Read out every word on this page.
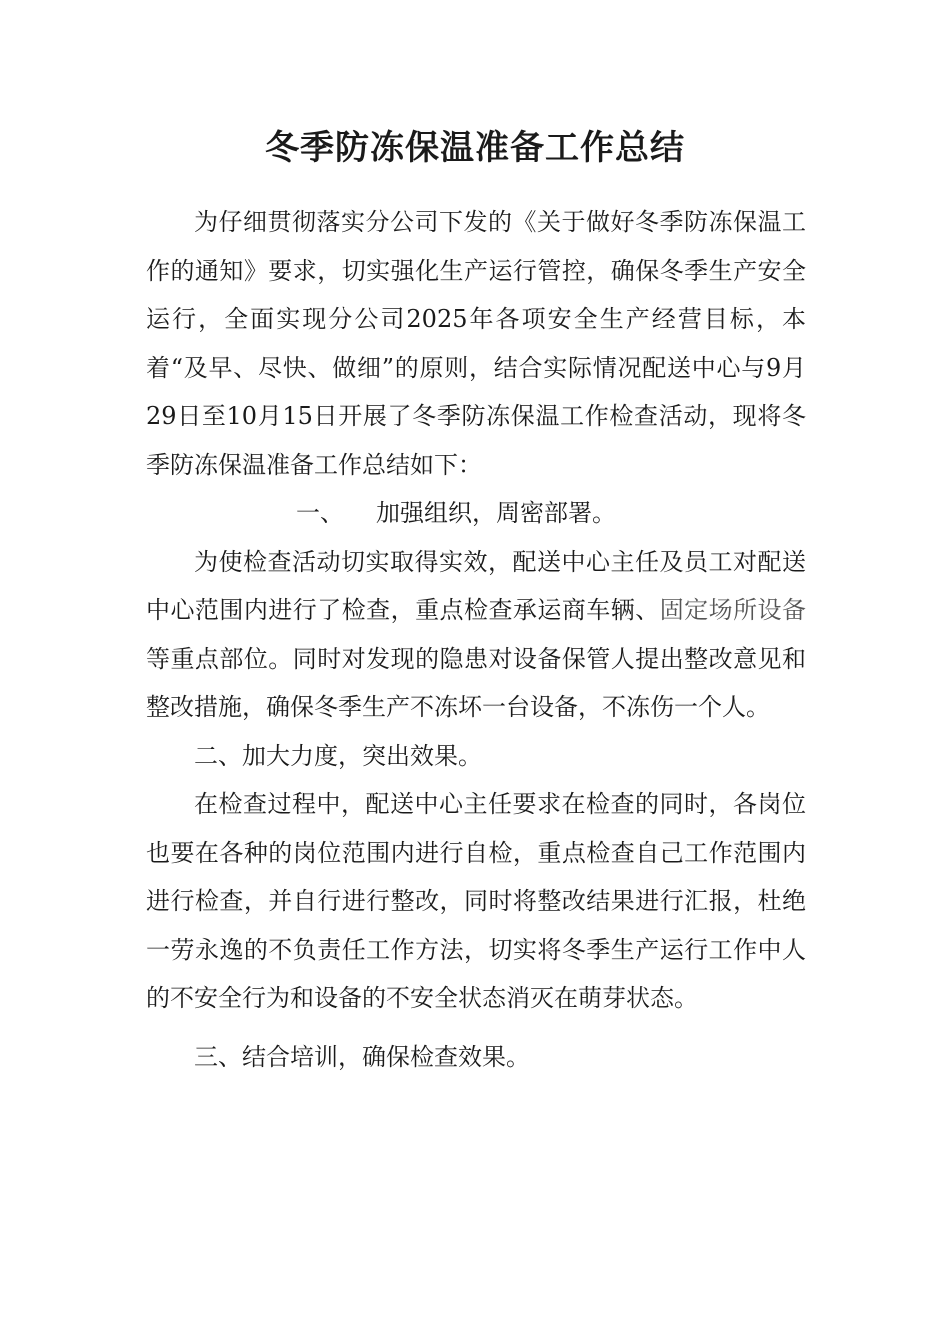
冬季防冻保温准备工作总结

为仔细贯彻落实分公司下发的《关于做好冬季防冻保温工作的通知》要求，切实强化生产运行管控，确保冬季生产安全运行，全面实现分公司2025年各项安全生产经营目标，本着“及早、尽快、做细”的原则，结合实际情况配送中心与9月29日至10月15日开展了冬季防冻保温工作检查活动，现将冬季防冻保温准备工作总结如下：

一、 加强组织，周密部署。

为使检查活动切实取得实效，配送中心主任及员工对配送中心范围内进行了检查，重点检查承运商车辆、固定场所设备等重点部位。同时对发现的隐患对设备保管人提出整改意见和整改措施，确保冬季生产不冻坏一台设备，不冻伤一个人。

二、加大力度，突出效果。

在检查过程中，配送中心主任要求在检查的同时，各岗位也要在各种的岗位范围内进行自检，重点检查自己工作范围内进行检查，并自行进行整改，同时将整改结果进行汇报，杜绝一劳永逸的不负责任工作方法，切实将冬季生产运行工作中人的不安全行为和设备的不安全状态消灭在萌芽状态。

三、结合培训，确保检查效果。
